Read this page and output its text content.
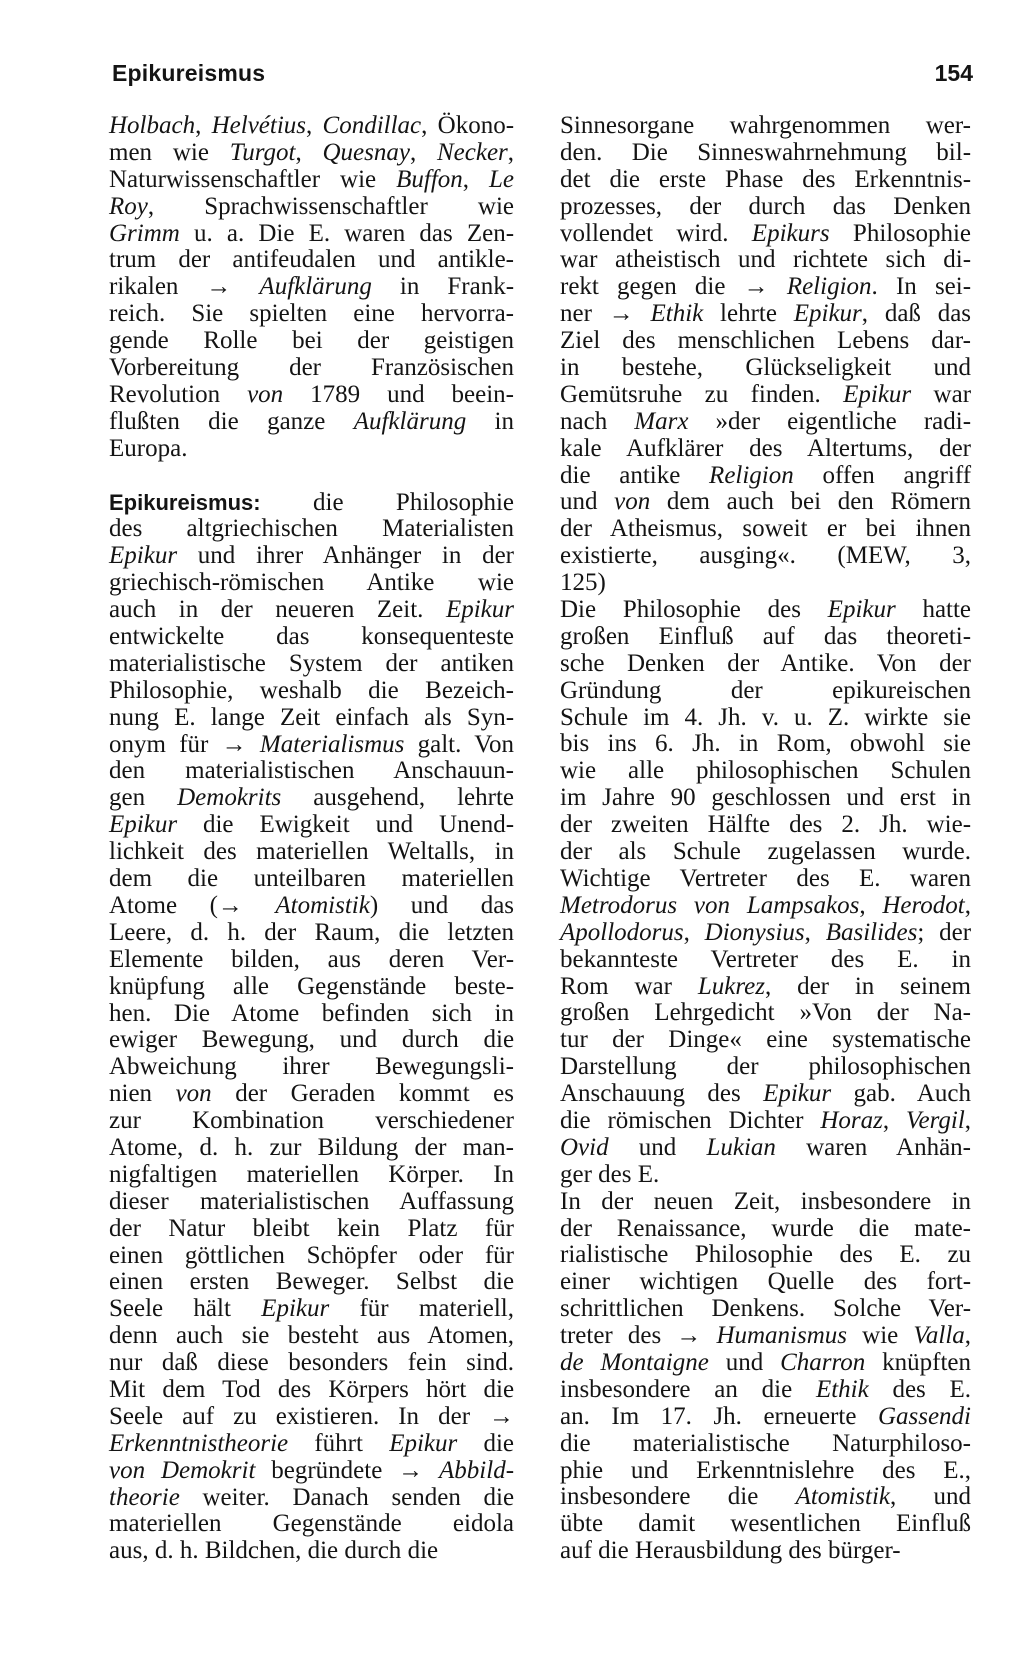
Epikureismus	154
Holbach, Helvétius, Condillac, Ökono-
men wie Turgot, Quesnay, Necker,
Naturwissenschaftler wie Buffon, Le
Roy, Sprachwissenschaftler wie
Grimm u. a. Die E. waren das Zen-
trum der antifeudalen und antikle-
rikalen → Aufklärung in Frank-
reich. Sie spielten eine hervorra-
gende Rolle bei der geistigen
Vorbereitung der Französischen
Revolution von 1789 und beein-
flußten die ganze Aufklärung in
Europa.
Epikureismus: die Philosophie
des altgriechischen Materialisten
Epikur und ihrer Anhänger in der
griechisch-römischen Antike wie
auch in der neueren Zeit. Epikur
entwickelte das konsequenteste
materialistische System der antiken
Philosophie, weshalb die Bezeich-
nung E. lange Zeit einfach als Syn-
onym für → Materialismus galt. Von
den materialistischen Anschauun-
gen Demokrits ausgehend, lehrte
Epikur die Ewigkeit und Unend-
lichkeit des materiellen Weltalls, in
dem die unteilbaren materiellen
Atome (→ Atomistik) und das
Leere, d. h. der Raum, die letzten
Elemente bilden, aus deren Ver-
knüpfung alle Gegenstände beste-
hen. Die Atome befinden sich in
ewiger Bewegung, und durch die
Abweichung ihrer Bewegungsli-
nien von der Geraden kommt es
zur Kombination verschiedener
Atome, d. h. zur Bildung der man-
nigfaltigen materiellen Körper. In
dieser materialistischen Auffassung
der Natur bleibt kein Platz für
einen göttlichen Schöpfer oder für
einen ersten Beweger. Selbst die
Seele hält Epikur für materiell,
denn auch sie besteht aus Atomen,
nur daß diese besonders fein sind.
Mit dem Tod des Körpers hört die
Seele auf zu existieren. In der →
Erkenntnistheorie führt Epikur die
von Demokrit begründete → Abbild-
theorie weiter. Danach senden die
materiellen Gegenstände eidola
aus, d. h. Bildchen, die durch die
Sinnesorgane wahrgenommen wer-
den. Die Sinneswahrnehmung bil-
det die erste Phase des Erkenntnis-
prozesses, der durch das Denken
vollendet wird. Epikurs Philosophie
war atheistisch und richtete sich di-
rekt gegen die → Religion. In sei-
ner → Ethik lehrte Epikur, daß das
Ziel des menschlichen Lebens dar-
in bestehe, Glückseligkeit und
Gemütsruhe zu finden. Epikur war
nach Marx »der eigentliche radi-
kale Aufklärer des Altertums, der
die antike Religion offen angriff
und von dem auch bei den Römern
der Atheismus, soweit er bei ihnen
existierte, ausging«. (MEW, 3,
125)
Die Philosophie des Epikur hatte
großen Einfluß auf das theoreti-
sche Denken der Antike. Von der
Gründung	der	epikureischen
Schule im 4. Jh. v. u. Z. wirkte sie
bis ins 6. Jh. in Rom, obwohl sie
wie alle philosophischen Schulen
im Jahre 90 geschlossen und erst in
der zweiten Hälfte des 2. Jh. wie-
der als Schule zugelassen wurde.
Wichtige Vertreter des E. waren
Metrodorus von Lampsakos, Herodot,
Apollodorus, Dionysius, Basilides; der
bekannteste Vertreter des E. in
Rom war Lukrez, der in seinem
großen Lehrgedicht »Von der Na-
tur der Dinge« eine systematische
Darstellung der philosophischen
Anschauung des Epikur gab. Auch
die römischen Dichter Horaz, Vergil,
Ovid und Lukian waren Anhän-
ger des E.
In der neuen Zeit, insbesondere in
der Renaissance, wurde die mate-
rialistische Philosophie des E. zu
einer wichtigen Quelle des fort-
schrittlichen Denkens. Solche Ver-
treter des → Humanismus wie Valla,
de Montaigne und Charron knüpften
insbesondere an die Ethik des E.
an. Im 17. Jh. erneuerte Gassendi
die materialistische Naturphiloso-
phie und Erkenntnislehre des E.,
insbesondere die Atomistik, und
übte damit wesentlichen Einfluß
auf die Herausbildung des bürger-
